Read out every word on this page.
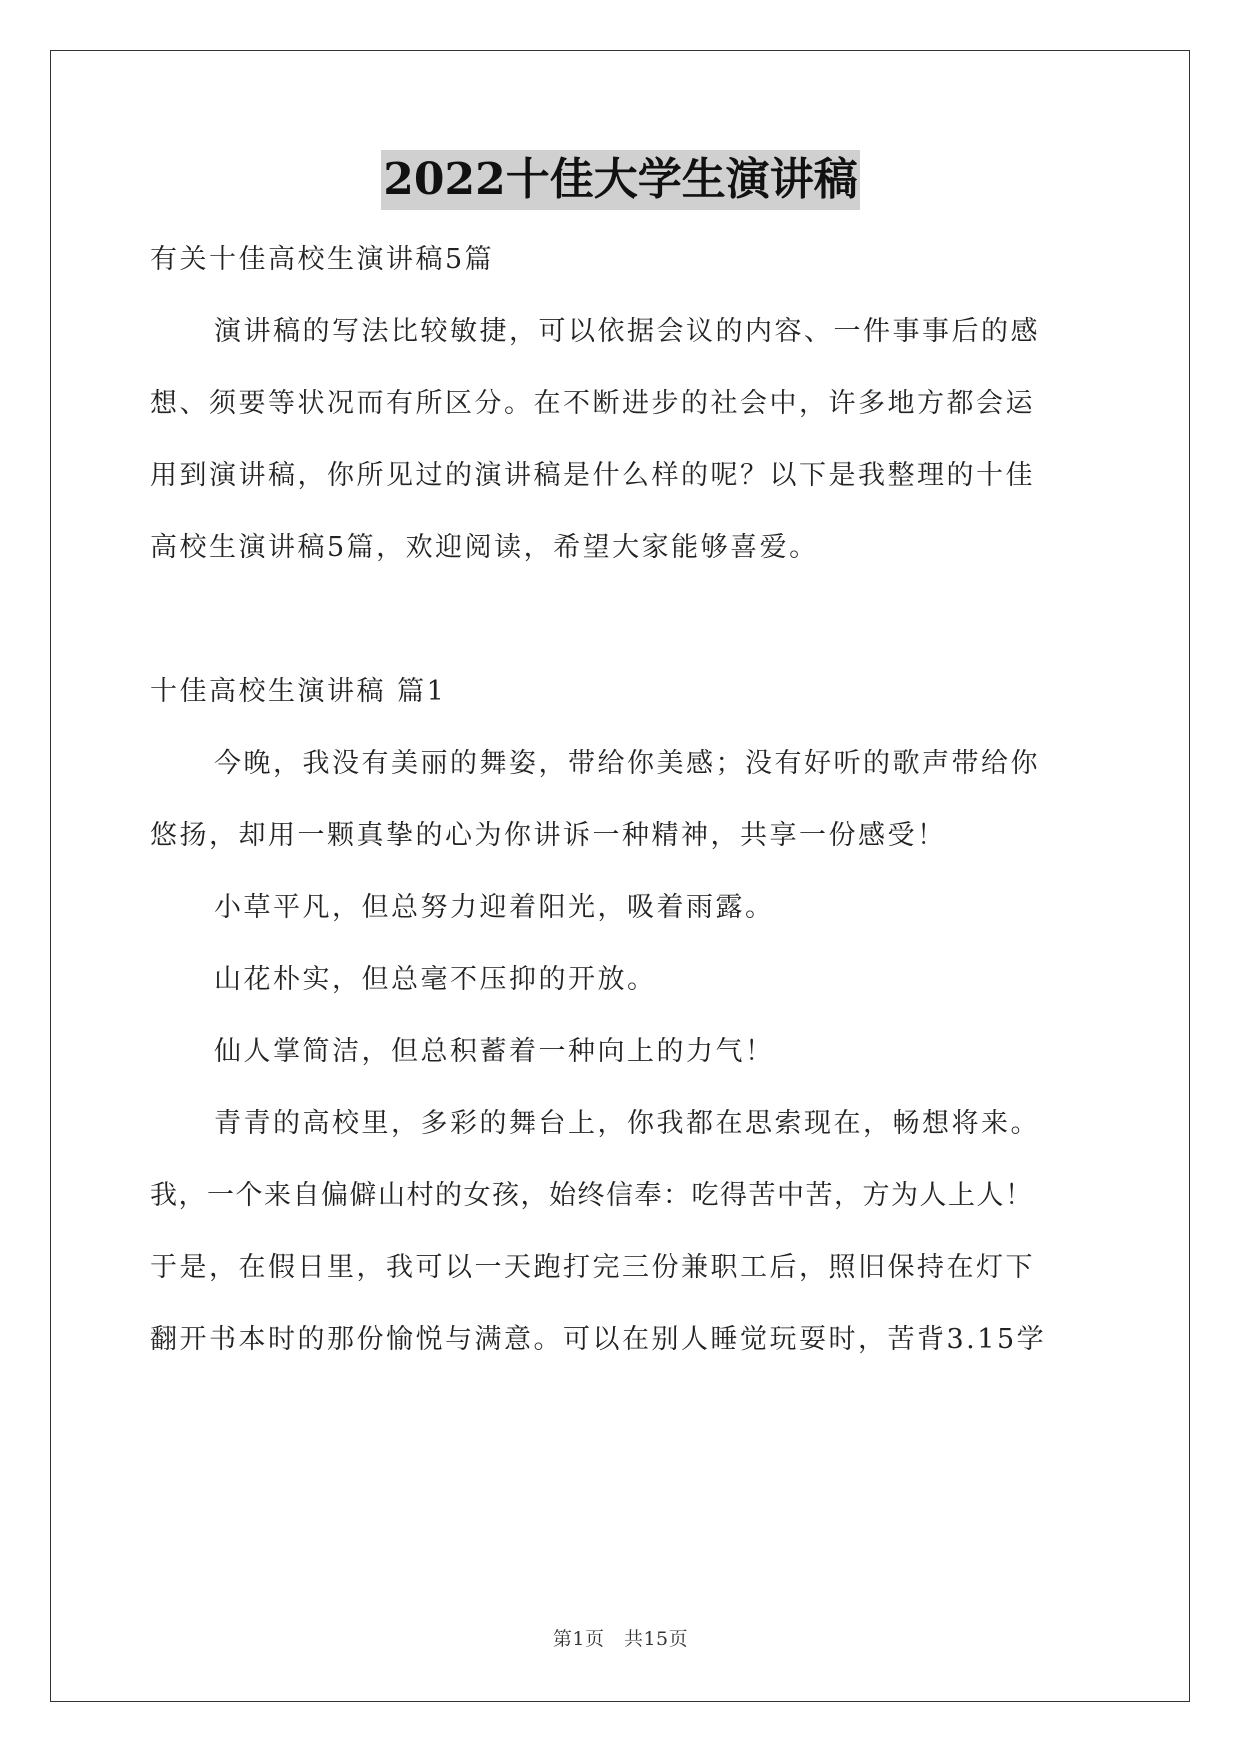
2022十佳大学生演讲稿
有关十佳高校生演讲稿5篇
演讲稿的写法比较敏捷，可以依据会议的内容、一件事事后的感
想、须要等状况而有所区分。在不断进步的社会中，许多地方都会运
用到演讲稿，你所见过的演讲稿是什么样的呢？以下是我整理的十佳
高校生演讲稿5篇，欢迎阅读，希望大家能够喜爱。
十佳高校生演讲稿 篇1
今晚，我没有美丽的舞姿，带给你美感；没有好听的歌声带给你
悠扬，却用一颗真挚的心为你讲诉一种精神，共享一份感受！
小草平凡，但总努力迎着阳光，吸着雨露。
山花朴实，但总毫不压抑的开放。
仙人掌简洁，但总积蓄着一种向上的力气！
青青的高校里，多彩的舞台上，你我都在思索现在，畅想将来。
我，一个来自偏僻山村的女孩，始终信奉：吃得苦中苦，方为人上人！
于是，在假日里，我可以一天跑打完三份兼职工后，照旧保持在灯下
翻开书本时的那份愉悦与满意。可以在别人睡觉玩耍时，苦背3.15学
第1页　共15页
